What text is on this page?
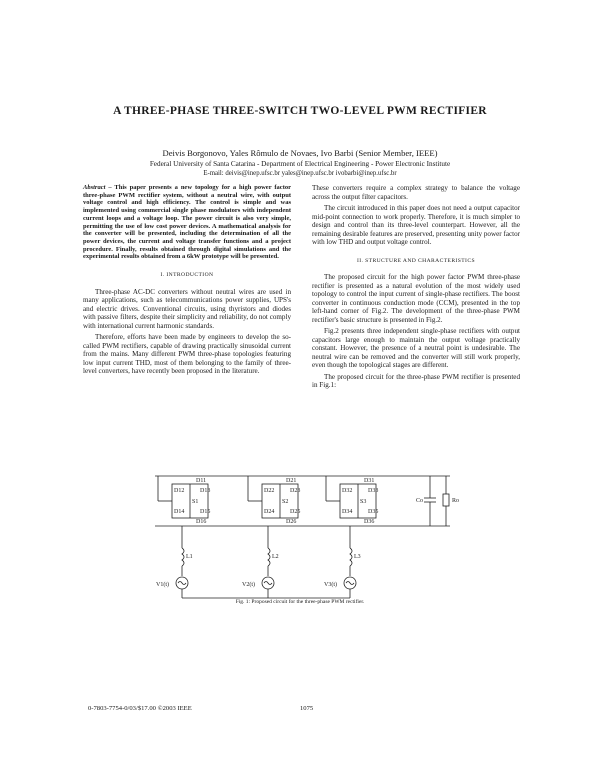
A THREE-PHASE THREE-SWITCH TWO-LEVEL PWM RECTIFIER
Deivis Borgonovo, Yales Rômulo de Novaes, Ivo Barbi (Senior Member, IEEE)
Federal University of Santa Catarina - Department of Electrical Engineering - Power Electronic Institute
E-mail: deivis@inep.ufsc.br yales@inep.ufsc.br ivobarbi@inep.ufsc.br

Abstract – This paper presents a new topology for a high power factor three-phase PWM rectifier system, without a neutral wire, with output voltage control and high efficiency. The control is simple and was implemented using commercial single phase modulators with independent current loops and a voltage loop. The power circuit is also very simple, permitting the use of low cost power devices. A mathematical analysis for the converter will be presented, including the determination of all the power devices, the current and voltage transfer functions and a project procedure. Finally, results obtained through digital simulations and the experimental results obtained from a 6kW prototype will be presented.

I. INTRODUCTION

Three-phase AC-DC converters without neutral wires are used in many applications, such as telecommunications power supplies, UPS's and electric drives. Conventional circuits, using thyristors and diodes with passive filters, despite their simplicity and reliability, do not comply with international current harmonic standards.

Therefore, efforts have been made by engineers to develop the so-called PWM rectifiers, capable of drawing practically sinusoidal current from the mains. Many different PWM three-phase topologies featuring low input current THD, most of them belonging to the family of three-level converters, have recently been proposed in the literature.

These converters require a complex strategy to balance the voltage across the output filter capacitors.

The circuit introduced in this paper does not need a output capacitor mid-point connection to work properly. Therefore, it is much simpler to design and control than its three-level counterpart. However, all the remaining desirable features are preserved, presenting unity power factor with low THD and output voltage control.

II. STRUCTURE AND CHARACTERISTICS

The proposed circuit for the high power factor PWM three-phase rectifier is presented as a natural evolution of the most widely used topology to control the input current of single-phase rectifiers. The boost converter in continuous conduction mode (CCM), presented in the top left-hand corner of Fig.2. The development of the three-phase PWM rectifier's basic structure is presented in Fig.2.

Fig.2 presents three independent single-phase rectifiers with output capacitors large enough to maintain the output voltage practically constant. However, the presence of a neutral point is undesirable. The neutral wire can be removed and the converter will still work properly, even though the topological stages are different.

The proposed circuit for the three-phase PWM rectifier is presented in Fig.1:

D11
D12	D13
D14	D15
D16
S1
D21
D22	D23
D24	D25
D26
S2
D31
D32	D33
D34	D35
D36
S3
L1	L2	L3
V1(t)	V2(t)	V3(t)
Co	Ro
Fig. 1: Proposed circuit for the three-phase PWM rectifier.
0-7803-7754-0/03/$17.00 ©2003 IEEE	1075
